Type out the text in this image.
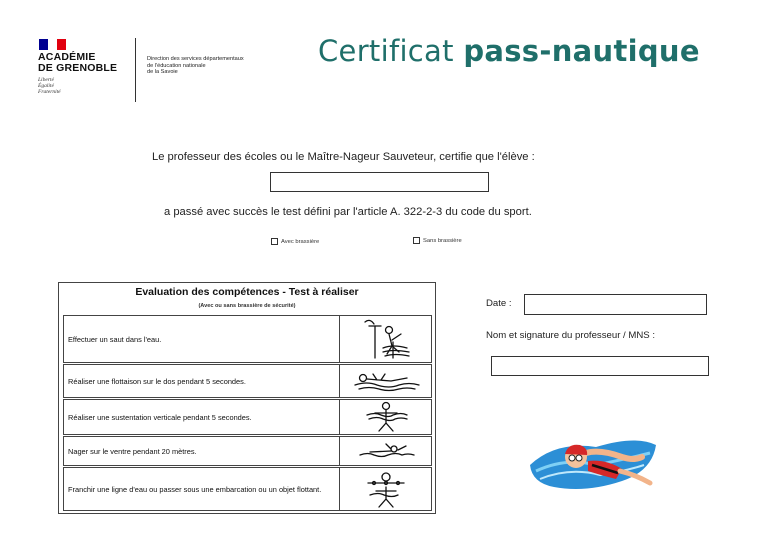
ACADÉMIE
DE GRENOBLE
Liberté
Égalité
Fraternité
Direction des services départementaux
de l'éducation nationale
de la Savoie
Certificat pass-nautique
Le professeur des écoles ou le Maître-Nageur Sauveteur, certifie que l'élève :
a passé avec succès le test défini par l'article A. 322-2-3 du code du sport.
Avec brassière	Sans brassière
Evaluation des compétences - Test à réaliser
(Avec ou sans brassière de sécurité)
Effectuer un saut dans l'eau.
Réaliser une flottaison sur le dos pendant 5 secondes.
Réaliser une sustentation verticale pendant 5 secondes.
Nager sur le ventre pendant 20 mètres.
Franchir une ligne d'eau ou passer sous une embarcation ou un objet flottant.
Date :
Nom et signature du professeur / MNS :
